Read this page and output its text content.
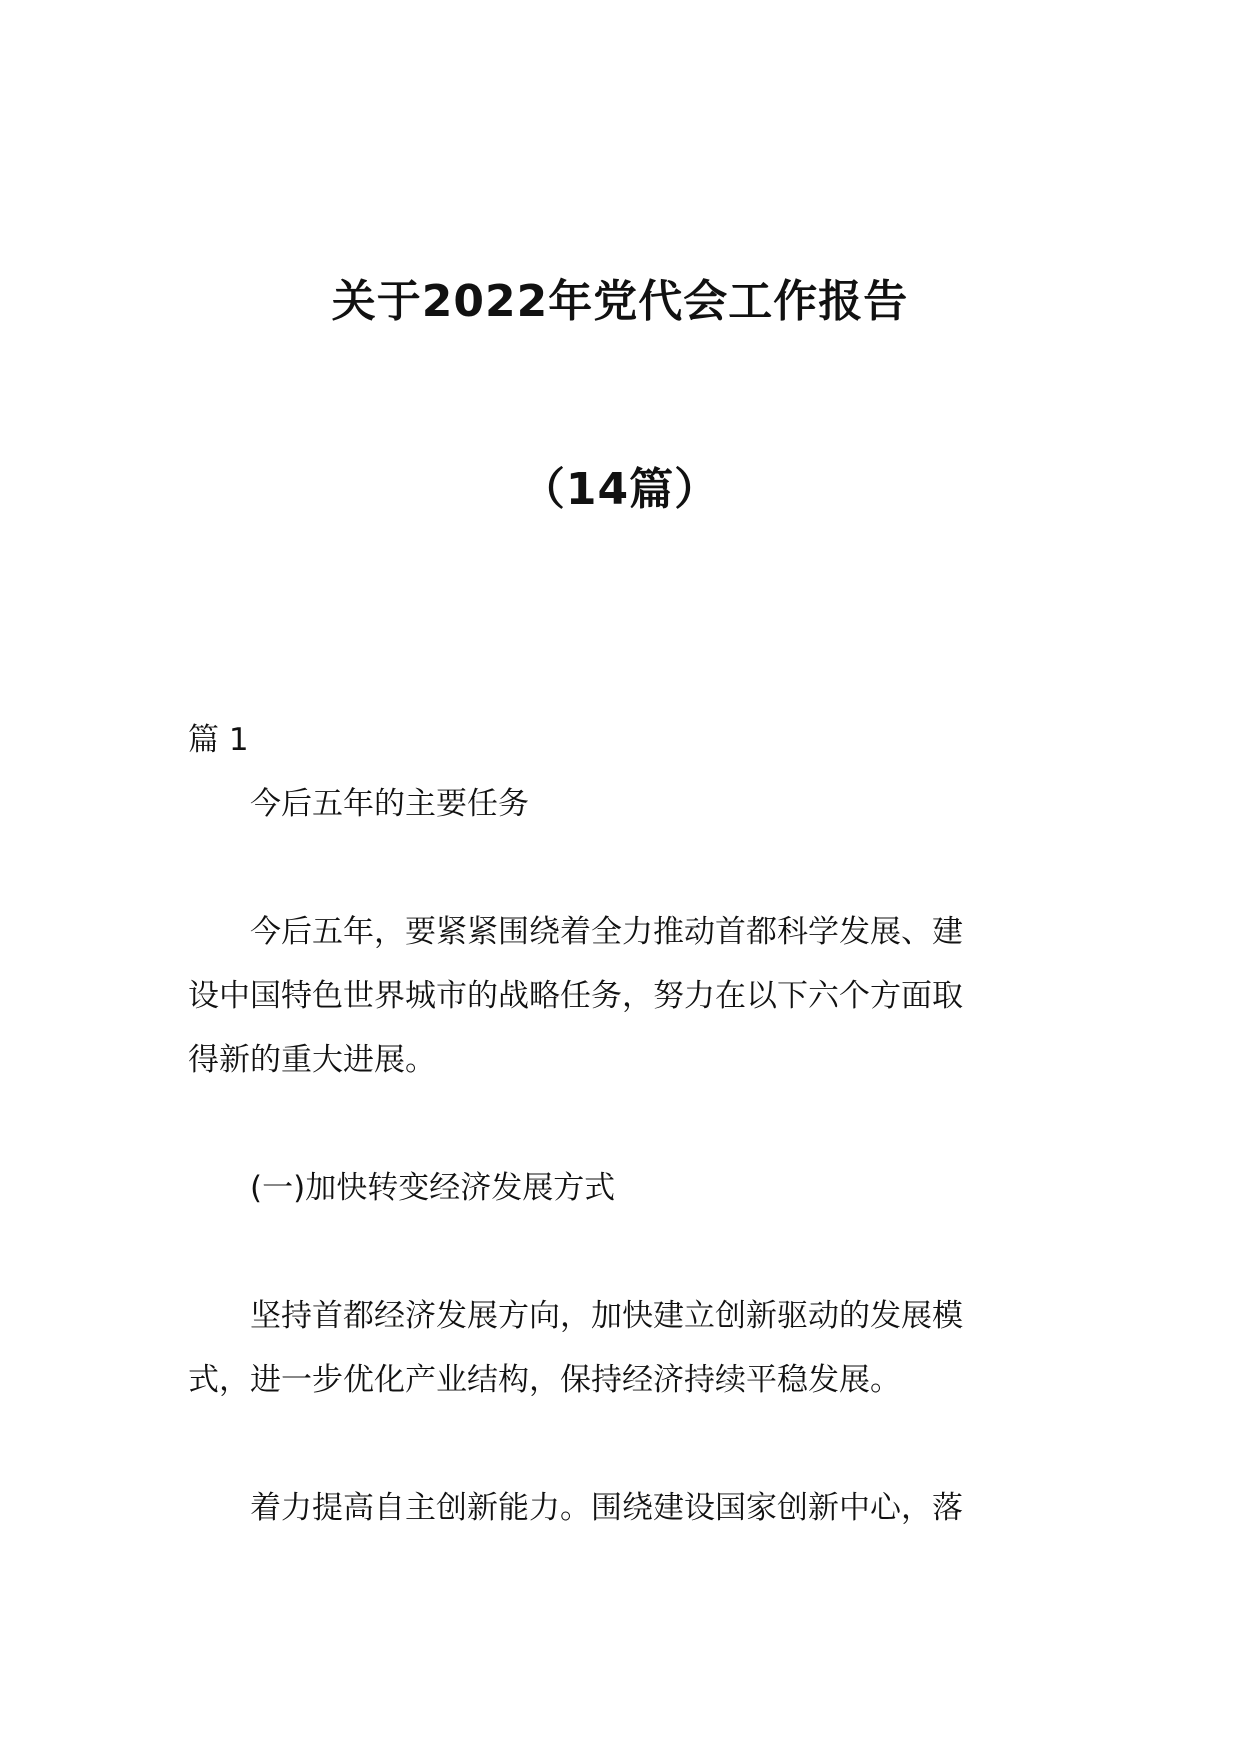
关于2022年党代会工作报告
（14篇）
篇 1
今后五年的主要任务
今后五年，要紧紧围绕着全力推动首都科学发展、建
设中国特色世界城市的战略任务，努力在以下六个方面取
得新的重大进展。
(一)加快转变经济发展方式
坚持首都经济发展方向，加快建立创新驱动的发展模
式，进一步优化产业结构，保持经济持续平稳发展。
着力提高自主创新能力。围绕建设国家创新中心，落
